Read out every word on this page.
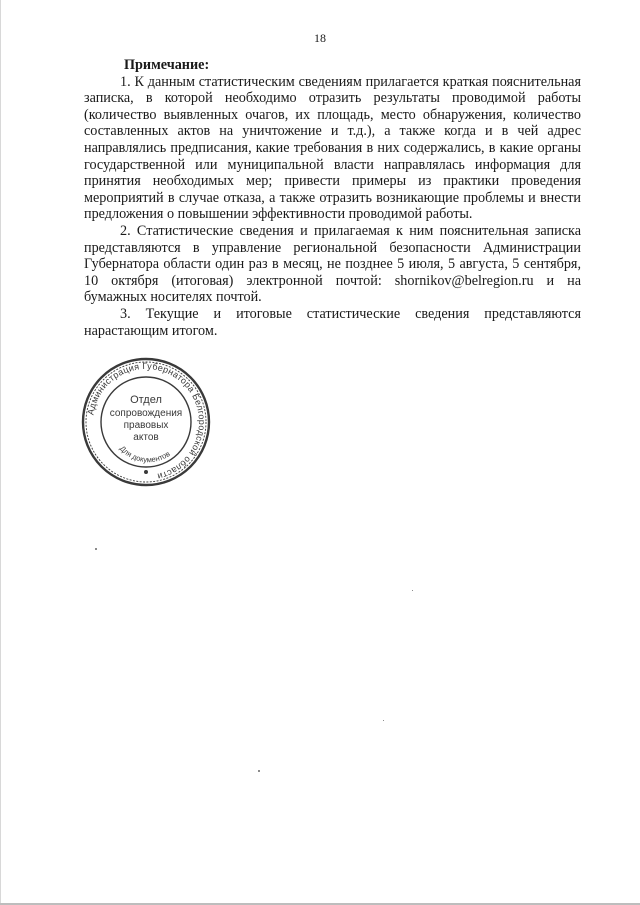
18

Примечание:

1. К данным статистическим сведениям прилагается краткая пояснительная записка, в которой необходимо отразить результаты проводимой работы (количество выявленных очагов, их площадь, место обнаружения, количество составленных актов на уничтожение и т.д.), а также когда и в чей адрес направлялись предписания, какие требования в них содержались, в какие органы государственной или муниципальной власти направлялась информация для принятия необходимых мер; привести примеры из практики проведения мероприятий в случае отказа, а также отразить возникающие проблемы и внести предложения о повышении эффективности проводимой работы.

2. Статистические сведения и прилагаемая к ним пояснительная записка представляются в управление региональной безопасности Администрации Губернатора области один раз в месяц, не позднее 5 июля, 5 августа, 5 сентября, 10 октября (итоговая) электронной почтой: shornikov@belregion.ru и на бумажных носителях почтой.

3. Текущие и итоговые статистические сведения представляются нарастающим итогом.

Администрация Губернатора Белгородской области
Для документов
Отдел
сопровождения
правовых
актов
